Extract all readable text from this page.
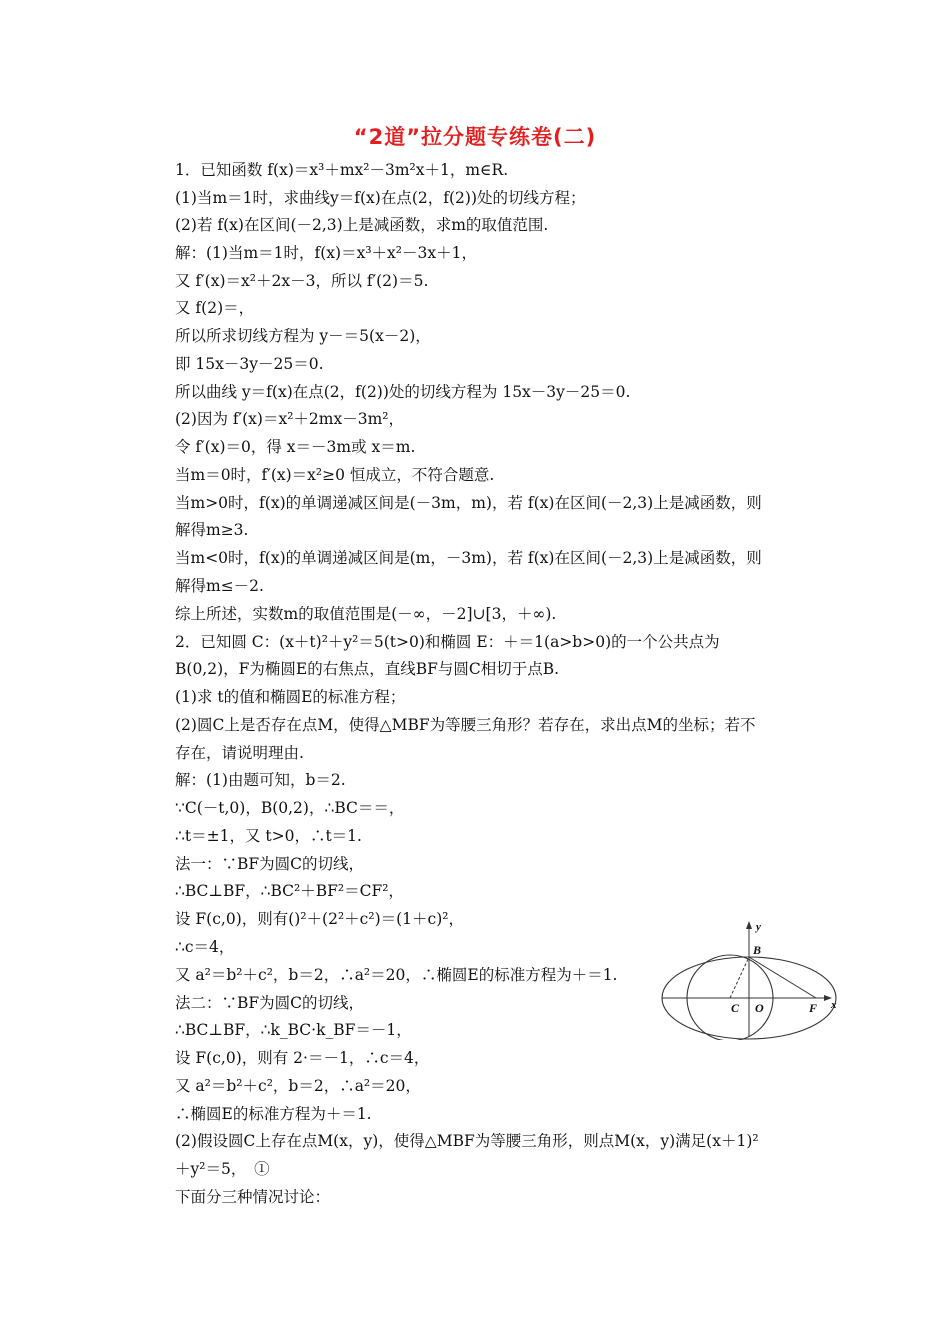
“2道”拉分题专练卷(二)
1．已知函数 f(x)＝x³＋mx²－3m²x＋1，m∈R.
(1)当m＝1时，求曲线y＝f(x)在点(2，f(2))处的切线方程；
(2)若 f(x)在区间(－2,3)上是减函数，求m的取值范围.
解：(1)当m＝1时，f(x)＝x³＋x²－3x＋1，
又 f′(x)＝x²＋2x－3，所以 f′(2)＝5.
又 f(2)＝，
所以所求切线方程为 y－＝5(x－2)，
即 15x－3y－25＝0.
所以曲线 y＝f(x)在点(2，f(2))处的切线方程为 15x－3y－25＝0.
(2)因为 f′(x)＝x²＋2mx－3m²，
令 f′(x)＝0，得 x＝－3m或 x＝m.
当m＝0时，f′(x)＝x²≥0 恒成立，不符合题意.
当m>0时，f(x)的单调递减区间是(－3m，m)，若 f(x)在区间(－2,3)上是减函数，则
解得m≥3.
当m<0时，f(x)的单调递减区间是(m，－3m)，若 f(x)在区间(－2,3)上是减函数，则
解得m≤－2.
综上所述，实数m的取值范围是(－∞，－2]∪[3，＋∞).
2．已知圆 C：(x＋t)²＋y²＝5(t>0)和椭圆 E：＋＝1(a>b>0)的一个公共点为
B(0,2)，F为椭圆E的右焦点，直线BF与圆C相切于点B.
(1)求 t的值和椭圆E的标准方程；
(2)圆C上是否存在点M，使得△MBF为等腰三角形？若存在，求出点M的坐标；若不
存在，请说明理由.
解：(1)由题可知，b＝2.
∵C(－t,0)，B(0,2)，∴BC＝＝，
∴t＝±1，又 t>0，∴t＝1.
法一：∵BF为圆C的切线，
∴BC⊥BF，∴BC²＋BF²＝CF²，
设 F(c,0)，则有()²＋(2²＋c²)＝(1＋c)²，
∴c＝4，
又 a²＝b²＋c²，b＝2，∴a²＝20，∴椭圆E的标准方程为＋＝1.
法二：∵BF为圆C的切线，
∴BC⊥BF，∴k_BC·k_BF＝－1，
设 F(c,0)，则有 2·＝－1，∴c＝4，
又 a²＝b²＋c²，b＝2，∴a²＝20，
∴椭圆E的标准方程为＋＝1.
(2)假设圆C上存在点M(x，y)，使得△MBF为等腰三角形，则点M(x，y)满足(x＋1)²
＋y²＝5，　①
下面分三种情况讨论：
y
x
B
C O	F
